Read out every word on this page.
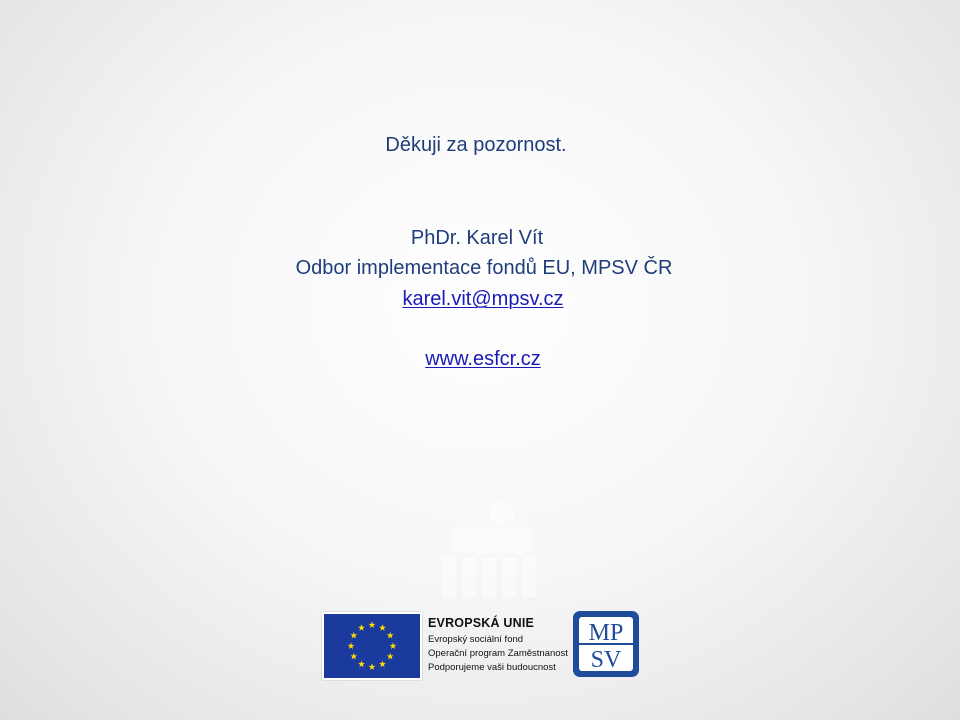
Děkuji za pozornost.
PhDr. Karel Vít
Odbor implementace fondů EU, MPSV ČR
karel.vit@mpsv.cz
www.esfcr.cz
EVROPSKÁ UNIE
Evropský sociální fond
Operační program Zaměstnanost
Podporujeme vaši budoucnost
MP
SV
